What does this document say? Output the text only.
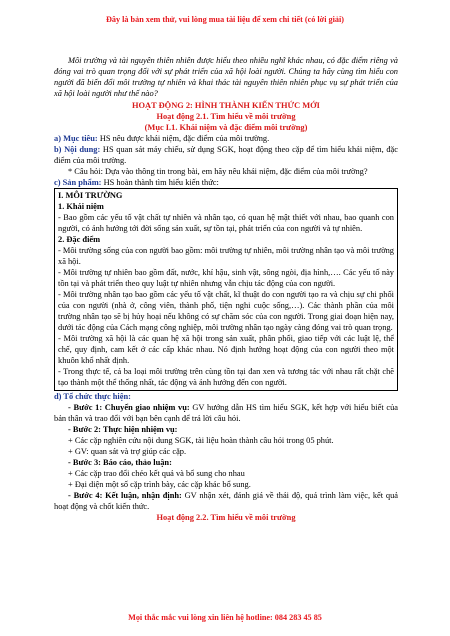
Đây là bản xem thử, vui lòng mua tài liệu để xem chi tiết (có lời giải)

Môi trường và tài nguyên thiên nhiên được hiểu theo nhiều nghĩ khác nhau, có đặc điểm riêng và đóng vai trò quan trọng đối với sự phát triển của xã hội loài người. Chúng ta hãy cùng tìm hiểu con người đã biến đổi môi trường tự nhiên và khai thác tài nguyên thiên nhiên phục vụ sự phát triển của xã hội loài người như thế nào?

HOẠT ĐỘNG 2: HÌNH THÀNH KIẾN THỨC MỚI

Hoạt động 2.1. Tìm hiểu về môi trường

(Mục I.1. Khái niệm và đặc điểm môi trường)

a) Mục tiêu: HS nêu được khái niệm, đặc điểm của môi trường.

b) Nội dung: HS quan sát máy chiếu, sử dụng SGK, hoạt động theo cặp để tìm hiểu khái niệm, đặc điểm của môi trường.

* Câu hỏi: Dựa vào thông tin trong bài, em hãy nêu khái niệm, đặc điểm của môi trường?

c) Sản phẩm: HS hoàn thành tìm hiểu kiến thức:

I. MÔI TRƯỜNG

1. Khái niệm

- Bao gồm các yếu tố vật chất tự nhiên và nhân tạo, có quan hệ mật thiết với nhau, bao quanh con người, có ảnh hưởng tới đời sống sản xuất, sự tồn tại, phát triển của con người và tự nhiên.

2. Đặc điểm

- Môi trường sống của con người bao gồm: môi trường tự nhiên, môi trường nhân tạo và môi trường xã hội.

- Môi trường tự nhiên bao gồm đất, nước, khí hậu, sinh vật, sông ngòi, địa hình,…. Các yếu tố này tồn tại và phát triển theo quy luật tự nhiên nhưng vẫn chịu tác động của con người.

- Môi trường nhân tạo bao gồm các yếu tố vật chất, kĩ thuật do con người tạo ra và chịu sự chi phối của con người (nhà ở, công viên, thành phố, tiện nghi cuộc sống,…). Các thành phần của môi trường nhân tạo sẽ bị hủy hoại nếu không có sự chăm sóc của con người. Trong giai đoạn hiện nay, dưới tác động của Cách mạng công nghiệp, môi trường nhân tạo ngày càng đóng vai trò quan trọng.

- Môi trường xã hội là các quan hệ xã hội trong sản xuất, phân phối, giao tiếp với các luật lệ, thể chế, quy định, cam kết ở các cấp khác nhau. Nó định hướng hoạt động của con người theo một khuôn khổ nhất định.

- Trong thực tế, cả ba loại môi trường trên cùng tồn tại đan xen và tương tác với nhau rất chặt chẽ tạo thành một thể thống nhất, tác động và ảnh hưởng đến con người.

d) Tổ chức thực hiện:

- Bước 1: Chuyển giao nhiệm vụ: GV hướng dẫn HS tìm hiểu SGK, kết hợp với hiểu biết của bản thân và trao đổi với bạn bên cạnh để trả lời câu hỏi.

- Bước 2: Thực hiện nhiệm vụ:

+ Các cặp nghiên cứu nội dung SGK, tài liệu hoàn thành câu hỏi trong 05 phút.

+ GV: quan sát và trợ giúp các cặp.

- Bước 3: Báo cáo, thảo luận:

+ Các cặp trao đổi chéo kết quả và bổ sung cho nhau

+ Đại diện một số cặp trình bày, các cặp khác bổ sung.

- Bước 4: Kết luận, nhận định: GV nhận xét, đánh giá về thái độ, quá trình làm việc, kết quả hoạt động và chốt kiến thức.

Hoạt động 2.2. Tìm hiểu về môi trường

Mọi thắc mắc vui lòng xin liên hệ hotline: 084 283 45 85
